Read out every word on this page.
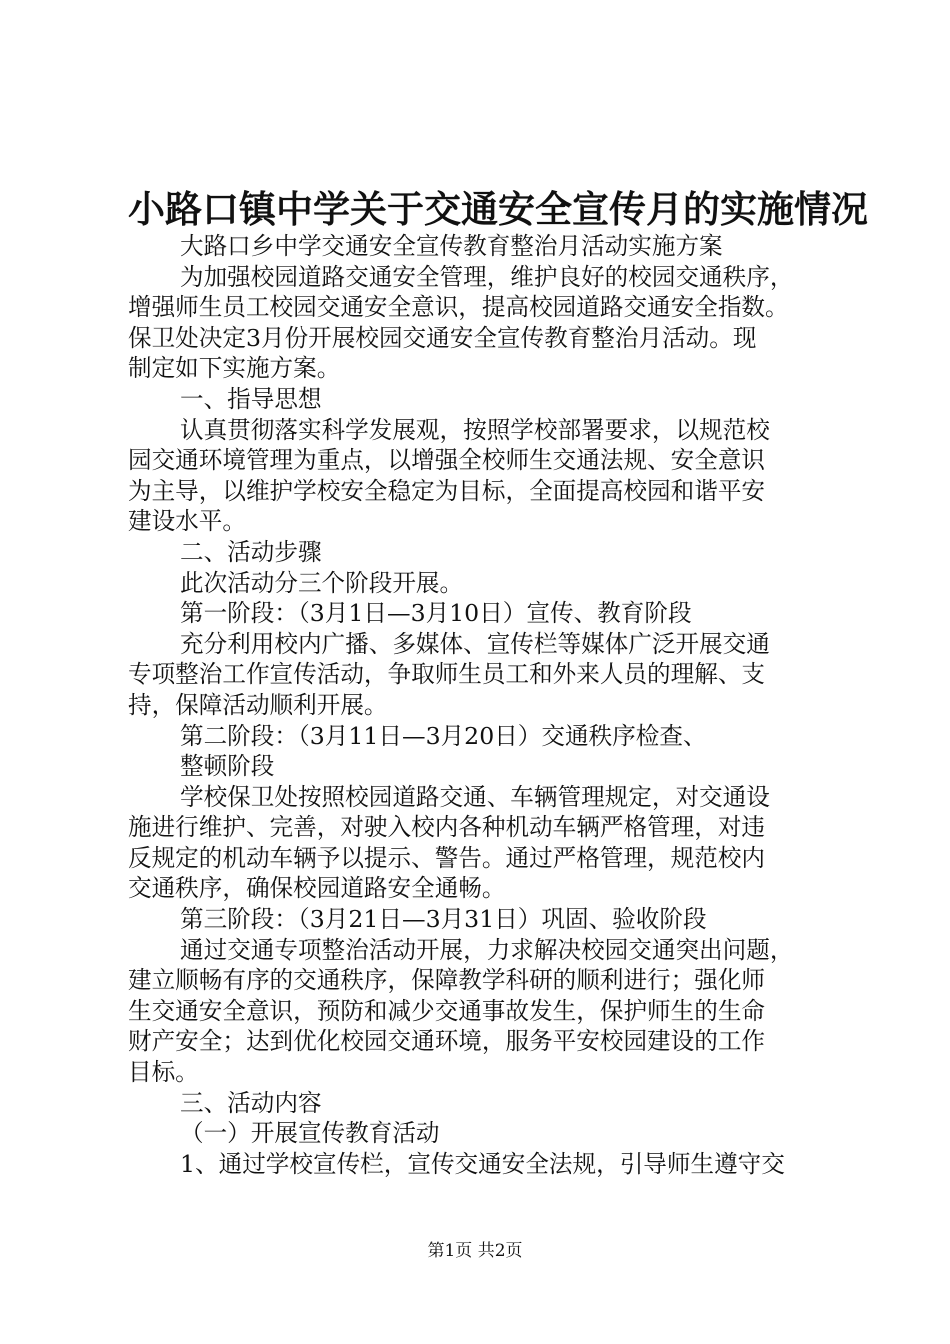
小路口镇中学关于交通安全宣传月的实施情况
大路口乡中学交通安全宣传教育整治月活动实施方案
为加强校园道路交通安全管理，维护良好的校园交通秩序，
增强师生员工校园交通安全意识，提高校园道路交通安全指数。
保卫处决定3月份开展校园交通安全宣传教育整治月活动。现
制定如下实施方案。
一、指导思想
认真贯彻落实科学发展观，按照学校部署要求，以规范校
园交通环境管理为重点，以增强全校师生交通法规、安全意识
为主导，以维护学校安全稳定为目标，全面提高校园和谐平安
建设水平。
二、活动步骤
此次活动分三个阶段开展。
第一阶段：（3月1日—3月10日）宣传、教育阶段
充分利用校内广播、多媒体、宣传栏等媒体广泛开展交通
专项整治工作宣传活动，争取师生员工和外来人员的理解、支
持，保障活动顺利开展。
第二阶段：（3月11日—3月20日）交通秩序检查、
整顿阶段
学校保卫处按照校园道路交通、车辆管理规定，对交通设
施进行维护、完善，对驶入校内各种机动车辆严格管理，对违
反规定的机动车辆予以提示、警告。通过严格管理，规范校内
交通秩序，确保校园道路安全通畅。
第三阶段：（3月21日—3月31日）巩固、验收阶段
通过交通专项整治活动开展，力求解决校园交通突出问题，
建立顺畅有序的交通秩序，保障教学科研的顺利进行；强化师
生交通安全意识，预防和减少交通事故发生，保护师生的生命
财产安全；达到优化校园交通环境，服务平安校园建设的工作
目标。
三、活动内容
（一）开展宣传教育活动
1、通过学校宣传栏，宣传交通安全法规，引导师生遵守交
第1页 共2页
